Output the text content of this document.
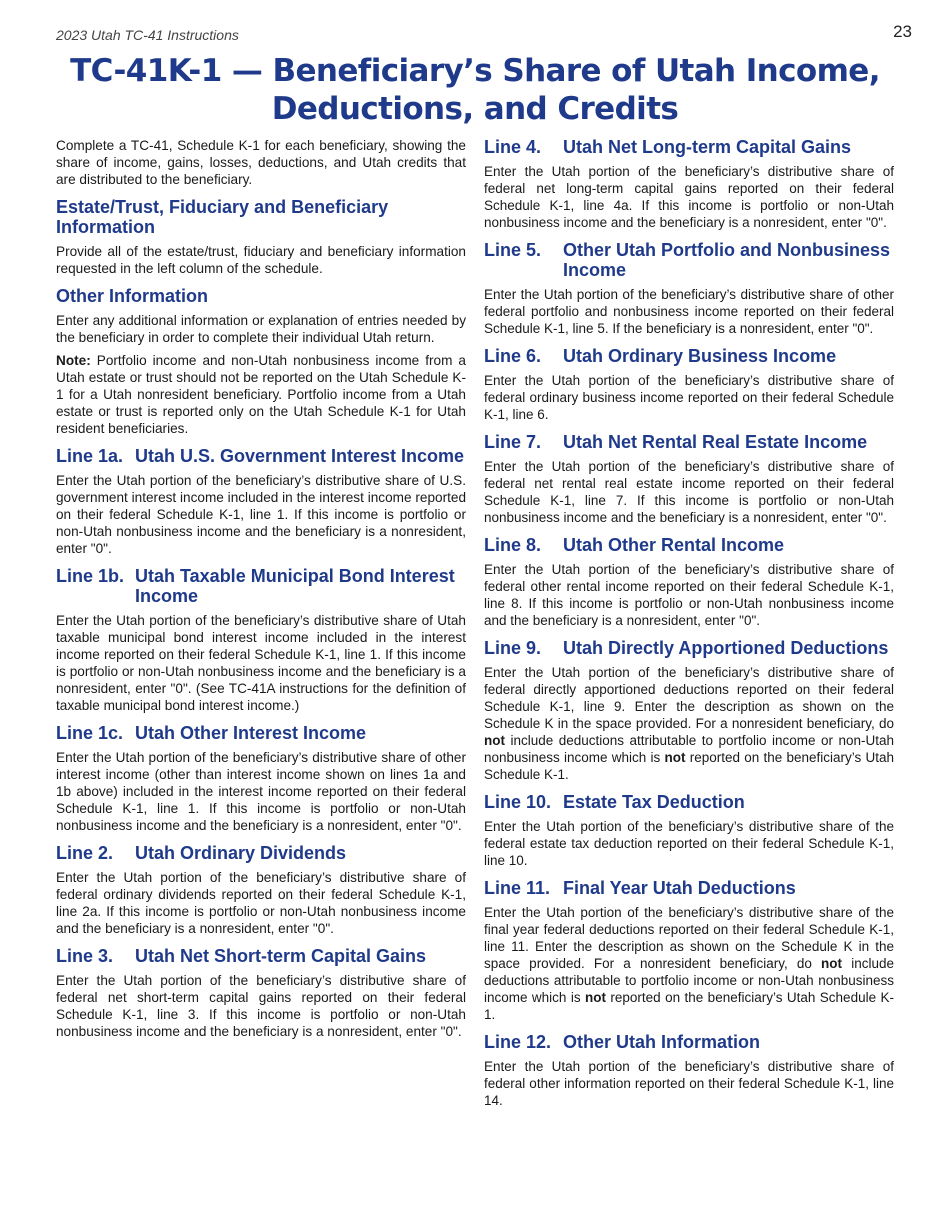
2023 Utah TC-41 Instructions	23
TC-41K-1 — Beneficiary’s Share of Utah Income,
Deductions, and Credits

Complete a TC-41, Schedule K-1 for each beneficiary, showing the share of income, gains, losses, deductions, and Utah credits that are distributed to the beneficiary.

Estate/Trust, Fiduciary and Beneficiary Information

Provide all of the estate/trust, fiduciary and beneficiary information requested in the left column of the schedule.

Other Information

Enter any additional information or explanation of entries needed by the beneficiary in order to complete their individual Utah return.

Note: Portfolio income and non-Utah nonbusiness income from a Utah estate or trust should not be reported on the Utah Schedule K-1 for a Utah nonresident beneficiary. Portfolio income from a Utah estate or trust is reported only on the Utah Schedule K-1 for Utah resident beneficiaries.

Line 1a. Utah U.S. Government Interest Income

Enter the Utah portion of the beneficiary’s distributive share of U.S. government interest income included in the interest income reported on their federal Schedule K-1, line 1. If this income is portfolio or non-Utah nonbusiness income and the beneficiary is a nonresident, enter "0".

Line 1b. Utah Taxable Municipal Bond Interest Income

Enter the Utah portion of the beneficiary’s distributive share of Utah taxable municipal bond interest income included in the interest income reported on their federal Schedule K-1, line 1. If this income is portfolio or non-Utah nonbusiness income and the beneficiary is a nonresident, enter "0". (See TC-41A instructions for the definition of taxable municipal bond interest income.)

Line 1c. Utah Other Interest Income

Enter the Utah portion of the beneficiary’s distributive share of other interest income (other than interest income shown on lines 1a and 1b above) included in the interest income reported on their federal Schedule K-1, line 1. If this income is portfolio or non-Utah nonbusiness income and the beneficiary is a nonresident, enter "0".

Line 2.	Utah Ordinary Dividends

Enter the Utah portion of the beneficiary’s distributive share of federal ordinary dividends reported on their federal Schedule K-1, line 2a. If this income is portfolio or non-Utah nonbusiness income and the beneficiary is a nonresident, enter "0".

Line 3.	Utah Net Short-term Capital Gains

Enter the Utah portion of the beneficiary’s distributive share of federal net short-term capital gains reported on their federal Schedule K-1, line 3. If this income is portfolio or non-Utah nonbusiness income and the beneficiary is a nonresident, enter "0".

Line 4.	Utah Net Long-term Capital Gains

Enter the Utah portion of the beneficiary’s distributive share of federal net long-term capital gains reported on their federal Schedule K-1, line 4a. If this income is portfolio or non-Utah nonbusiness income and the beneficiary is a nonresident, enter "0".

Line 5.	Other Utah Portfolio and Nonbusiness Income

Enter the Utah portion of the beneficiary’s distributive share of other federal portfolio and nonbusiness income reported on their federal Schedule K-1, line 5. If the beneficiary is a nonresident, enter "0".

Line 6.	Utah Ordinary Business Income

Enter the Utah portion of the beneficiary’s distributive share of federal ordinary business income reported on their federal Schedule K-1, line 6.

Line 7.	Utah Net Rental Real Estate Income

Enter the Utah portion of the beneficiary’s distributive share of federal net rental real estate income reported on their federal Schedule K-1, line 7. If this income is portfolio or non-Utah nonbusiness income and the beneficiary is a nonresident, enter "0".

Line 8.	Utah Other Rental Income

Enter the Utah portion of the beneficiary’s distributive share of federal other rental income reported on their federal Schedule K-1, line 8. If this income is portfolio or non-Utah nonbusiness income and the beneficiary is a nonresident, enter "0".

Line 9.	Utah Directly Apportioned Deductions

Enter the Utah portion of the beneficiary’s distributive share of federal directly apportioned deductions reported on their federal Schedule K-1, line 9. Enter the description as shown on the Schedule K in the space provided. For a nonresident beneficiary, do not include deductions attributable to portfolio income or non-Utah nonbusiness income which is not reported on the beneficiary’s Utah Schedule K-1.

Line 10. Estate Tax Deduction

Enter the Utah portion of the beneficiary’s distributive share of the federal estate tax deduction reported on their federal Schedule K-1, line 10.

Line 11. Final Year Utah Deductions

Enter the Utah portion of the beneficiary’s distributive share of the final year federal deductions reported on their federal Schedule K-1, line 11. Enter the description as shown on the Schedule K in the space provided. For a nonresident beneficiary, do not include deductions attributable to portfolio income or non-Utah nonbusiness income which is not reported on the beneficiary’s Utah Schedule K-1.

Line 12. Other Utah Information

Enter the Utah portion of the beneficiary’s distributive share of federal other information reported on their federal Schedule K-1, line 14.
